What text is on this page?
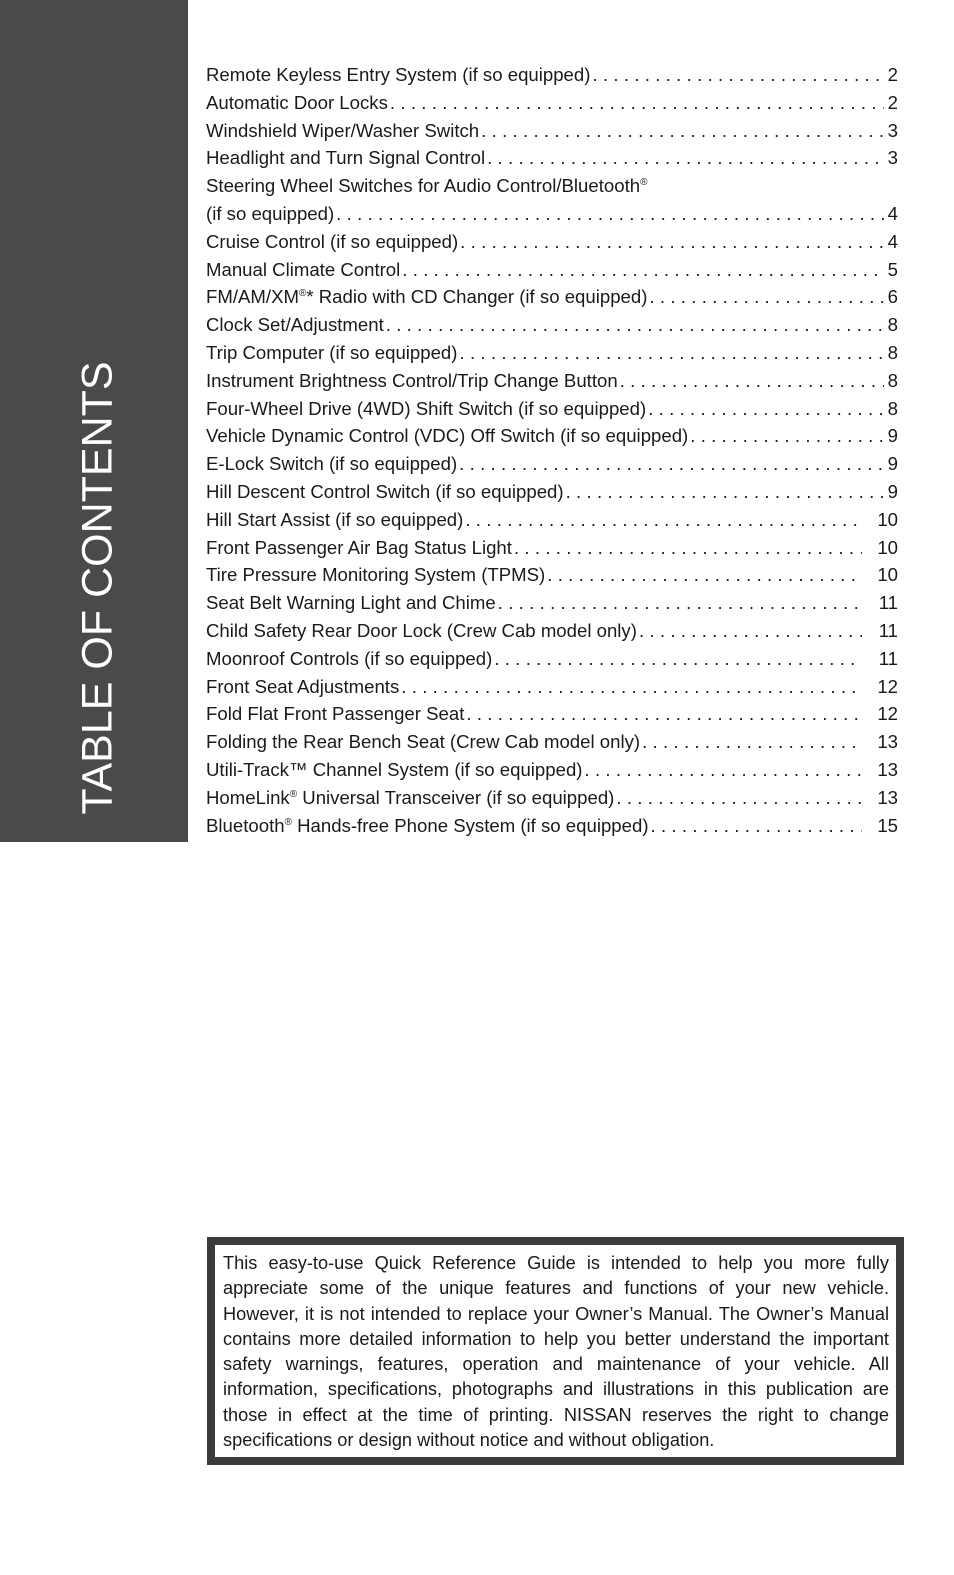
TABLE OF CONTENTS
Remote Keyless Entry System (if so equipped) .....	2
Automatic Door Locks .....	2
Windshield Wiper/Washer Switch .....	3
Headlight and Turn Signal Control .....	3
Steering Wheel Switches for Audio Control/Bluetooth®
(if so equipped) .....	4
Cruise Control (if so equipped) .....	4
Manual Climate Control .....	5
FM/AM/XM®* Radio with CD Changer (if so equipped) .....	6
Clock Set/Adjustment .....	8
Trip Computer (if so equipped) .....	8
Instrument Brightness Control/Trip Change Button .....	8
Four-Wheel Drive (4WD) Shift Switch (if so equipped) .....	8
Vehicle Dynamic Control (VDC) Off Switch (if so equipped) .....	9
E-Lock Switch (if so equipped) .....	9
Hill Descent Control Switch (if so equipped) .....	9
Hill Start Assist (if so equipped) .....	10
Front Passenger Air Bag Status Light .....	10
Tire Pressure Monitoring System (TPMS) .....	10
Seat Belt Warning Light and Chime .....	11
Child Safety Rear Door Lock (Crew Cab model only) .....	11
Moonroof Controls (if so equipped) .....	11
Front Seat Adjustments .....	12
Fold Flat Front Passenger Seat .....	12
Folding the Rear Bench Seat (Crew Cab model only) .....	13
Utili-Track™ Channel System (if so equipped) .....	13
HomeLink® Universal Transceiver (if so equipped) .....	13
Bluetooth® Hands-free Phone System (if so equipped) .....	15
This easy-to-use Quick Reference Guide is intended to help you more fully appreciate some of the unique features and functions of your new vehicle. However, it is not intended to replace your Owner’s Manual. The Owner’s Manual contains more detailed information to help you better understand the important safety warnings, features, operation and maintenance of your vehicle. All information, specifications, photographs and illustrations in this publication are those in effect at the time of printing. NISSAN reserves the right to change specifications or design without notice and without obligation.
